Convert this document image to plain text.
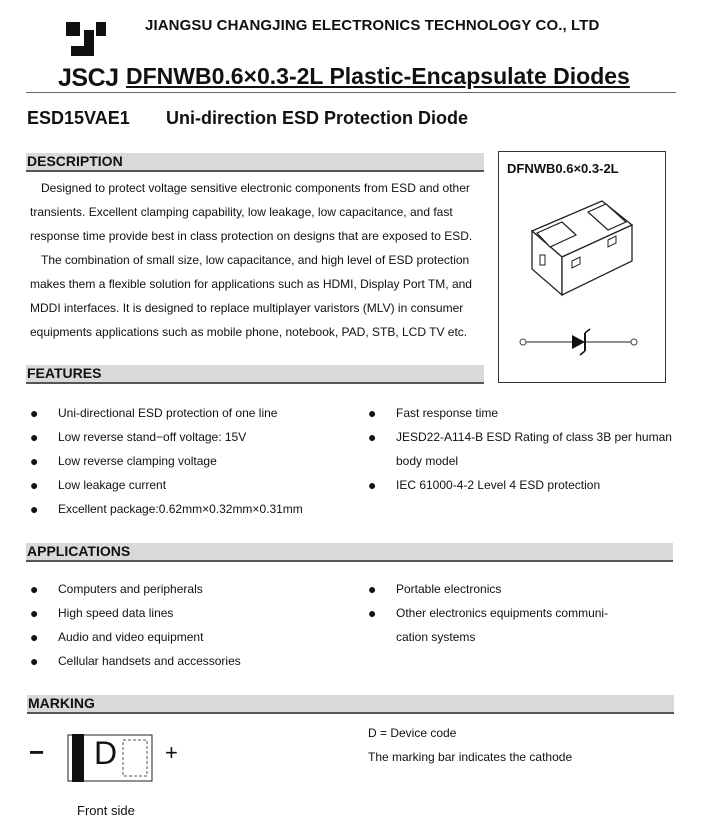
JIANGSU CHANGJING ELECTRONICS TECHNOLOGY CO., LTD
JSCJ DFNWB0.6×0.3-2L Plastic-Encapsulate Diodes
ESD15VAE1 Uni-direction ESD Protection Diode
DESCRIPTION

Designed to protect voltage sensitive electronic components from ESD and other

transients. Excellent clamping capability, low leakage, low capacitance, and fast
response time provide best in class protection on designs that are exposed to ESD.

The combination of small size, low capacitance, and high level of ESD protection

makes them a flexible solution for applications such as HDMI, Display Port TM, and
MDDI interfaces. It is designed to replace multiplayer varistors (MLV) in consumer
equipments applications such as mobile phone, notebook, PAD, STB, LCD TV etc.
DFNWB0.6×0.3-2L
FEATURES
● Uni-directional ESD protection of one line
● Low reverse stand−off voltage: 15V
● Low reverse clamping voltage
● Low leakage current
● Excellent package:0.62mm×0.32mm×0.31mm
● Fast response time
● JESD22-A114-B ESD Rating of class 3B per human
body model
● IEC 61000-4-2 Level 4 ESD protection
APPLICATIONS
● Computers and peripherals
● High speed data lines
● Audio and video equipment
● Cellular handsets and accessories
● Portable electronics
● Other electronics equipments communi-
cation systems
MARKING
− D +
Front side
D = Device code
The marking bar indicates the cathode
